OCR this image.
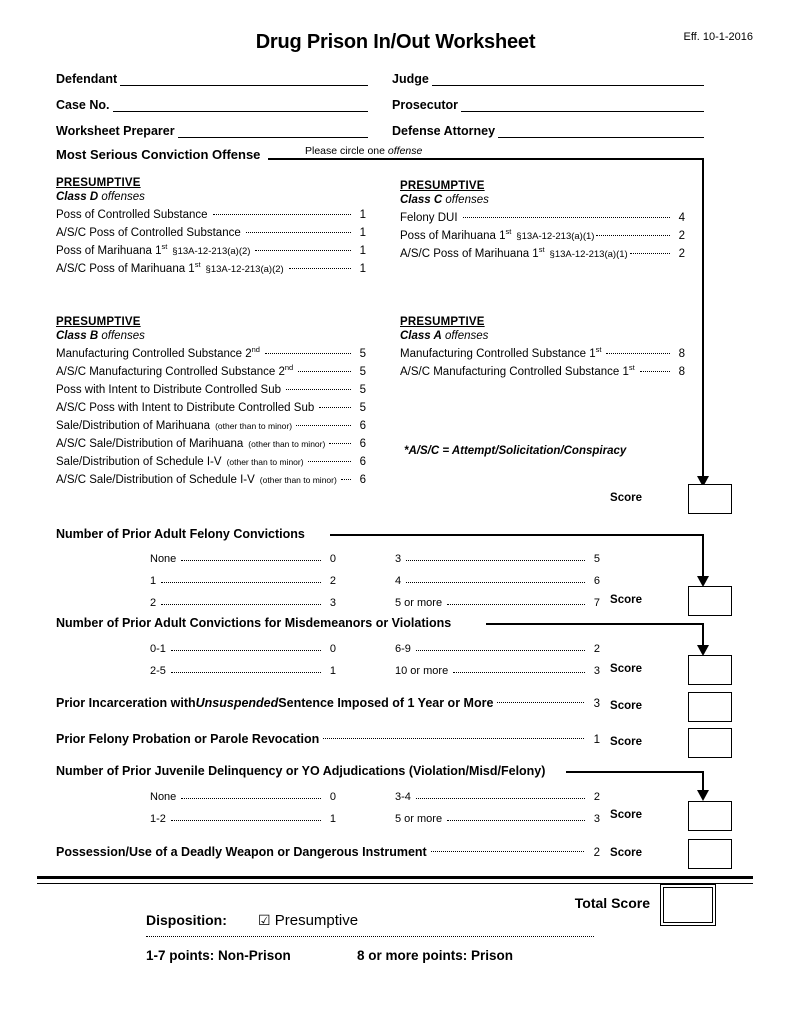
Drug Prison In/Out Worksheet	Eff. 10-1-2016
Defendant
Case No.
Worksheet Preparer
Judge
Prosecutor
Defense Attorney
Most Serious Conviction Offense	Please circle one offense
PRESUMPTIVE
Class D offenses
Poss of Controlled Substance	1
A/S/C Poss of Controlled Substance	1
Poss of Marihuana 1st §13A-12-213(a)(2)	1
A/S/C Poss of Marihuana 1st §13A-12-213(a)(2)	1
PRESUMPTIVE
Class C offenses
Felony DUI	4
Poss of Marihuana 1st §13A-12-213(a)(1)	2
A/S/C Poss of Marihuana 1st §13A-12-213(a)(1)	2
PRESUMPTIVE
Class B offenses
Manufacturing Controlled Substance 2nd	5
A/S/C Manufacturing Controlled Substance 2nd	5
Poss with Intent to Distribute Controlled Sub	5
A/S/C Poss with Intent to Distribute Controlled Sub	5
Sale/Distribution of Marihuana (other than to minor)	6
A/S/C Sale/Distribution of Marihuana (other than to minor)	6
Sale/Distribution of Schedule I-V (other than to minor)	6
A/S/C Sale/Distribution of Schedule I-V (other than to minor)	6
PRESUMPTIVE
Class A offenses
Manufacturing Controlled Substance 1st	8
A/S/C Manufacturing Controlled Substance 1st	8
*A/S/C = Attempt/Solicitation/Conspiracy
Score
Number of Prior Adult Felony Convictions
None	0
1	2
2	3
3	5
4	6
5 or more	7 Score
Number of Prior Adult Convictions for Misdemeanors or Violations
0-1	0
2-5	1
6-9	2
10 or more	3 Score
Prior Incarceration with Unsuspended Sentence Imposed of 1 Year or More	3 Score
Prior Felony Probation or Parole Revocation	1 Score
Number of Prior Juvenile Delinquency or YO Adjudications (Violation/Misd/Felony)
None	0
1-2	1
3-4	2
5 or more	3 Score
Possession/Use of a Deadly Weapon or Dangerous Instrument	2 Score
Total Score
Disposition: ☑ Presumptive
1-7 points: Non-Prison	8 or more points: Prison
